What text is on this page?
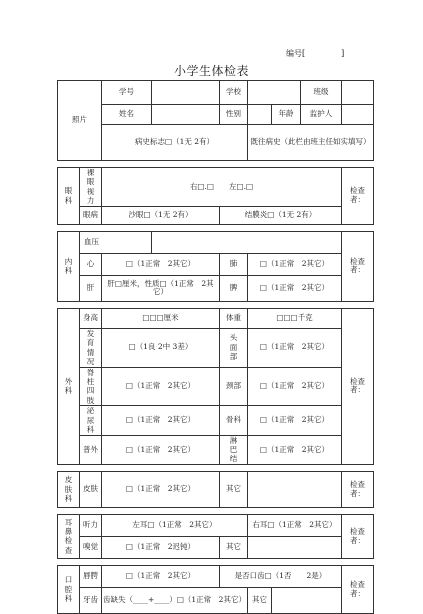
编号[	]
小学生体检表
照片		学号		学校			班级	
		姓名		性别		年龄	监护人	
		病史标志□（1无 2有）			既往病史（此栏由班主任如实填写）			

眼科	裸眼视力	右□.□　　左□.□						检查者：
	眼病	沙眼□（1无 2有）		结膜炎□（1无 2有）				

内科	血压							检查者：
	心	□（1正常　2其它）		肺	□（1正常　2其它）			
	肝	肝□厘米，性质□（1正常　2其它）		脾	□（1正常　2其它）			

外科	身高	□□□厘米		体重	□□□千克			检查者：
	发育情况	□（1良 2中 3差）		头面部	□（1正常　2其它）			
	脊柱四肢	□（1正常　2其它）		颈部	□（1正常　2其它）			
	泌尿科	□（1正常　2其它）		骨科	□（1正常　2其它）			
	普外	□（1正常　2其它）		淋巴结	□（1正常　2其它）			

皮肤科	皮肤	□（1正常　2其它）		其它				检查者：

耳鼻检查	听力	左耳□（1正常　2其它）			右耳□（1正常　2其它）			检查者：
	嗅觉	□（1正常　2迟钝）		其它				

口腔科	唇腭	□（1正常　2其它）		是否口齿□（1否　　2是）				检查者：
	牙齿	齿缺失（____+____）□（1正常　2其它）			其它			
